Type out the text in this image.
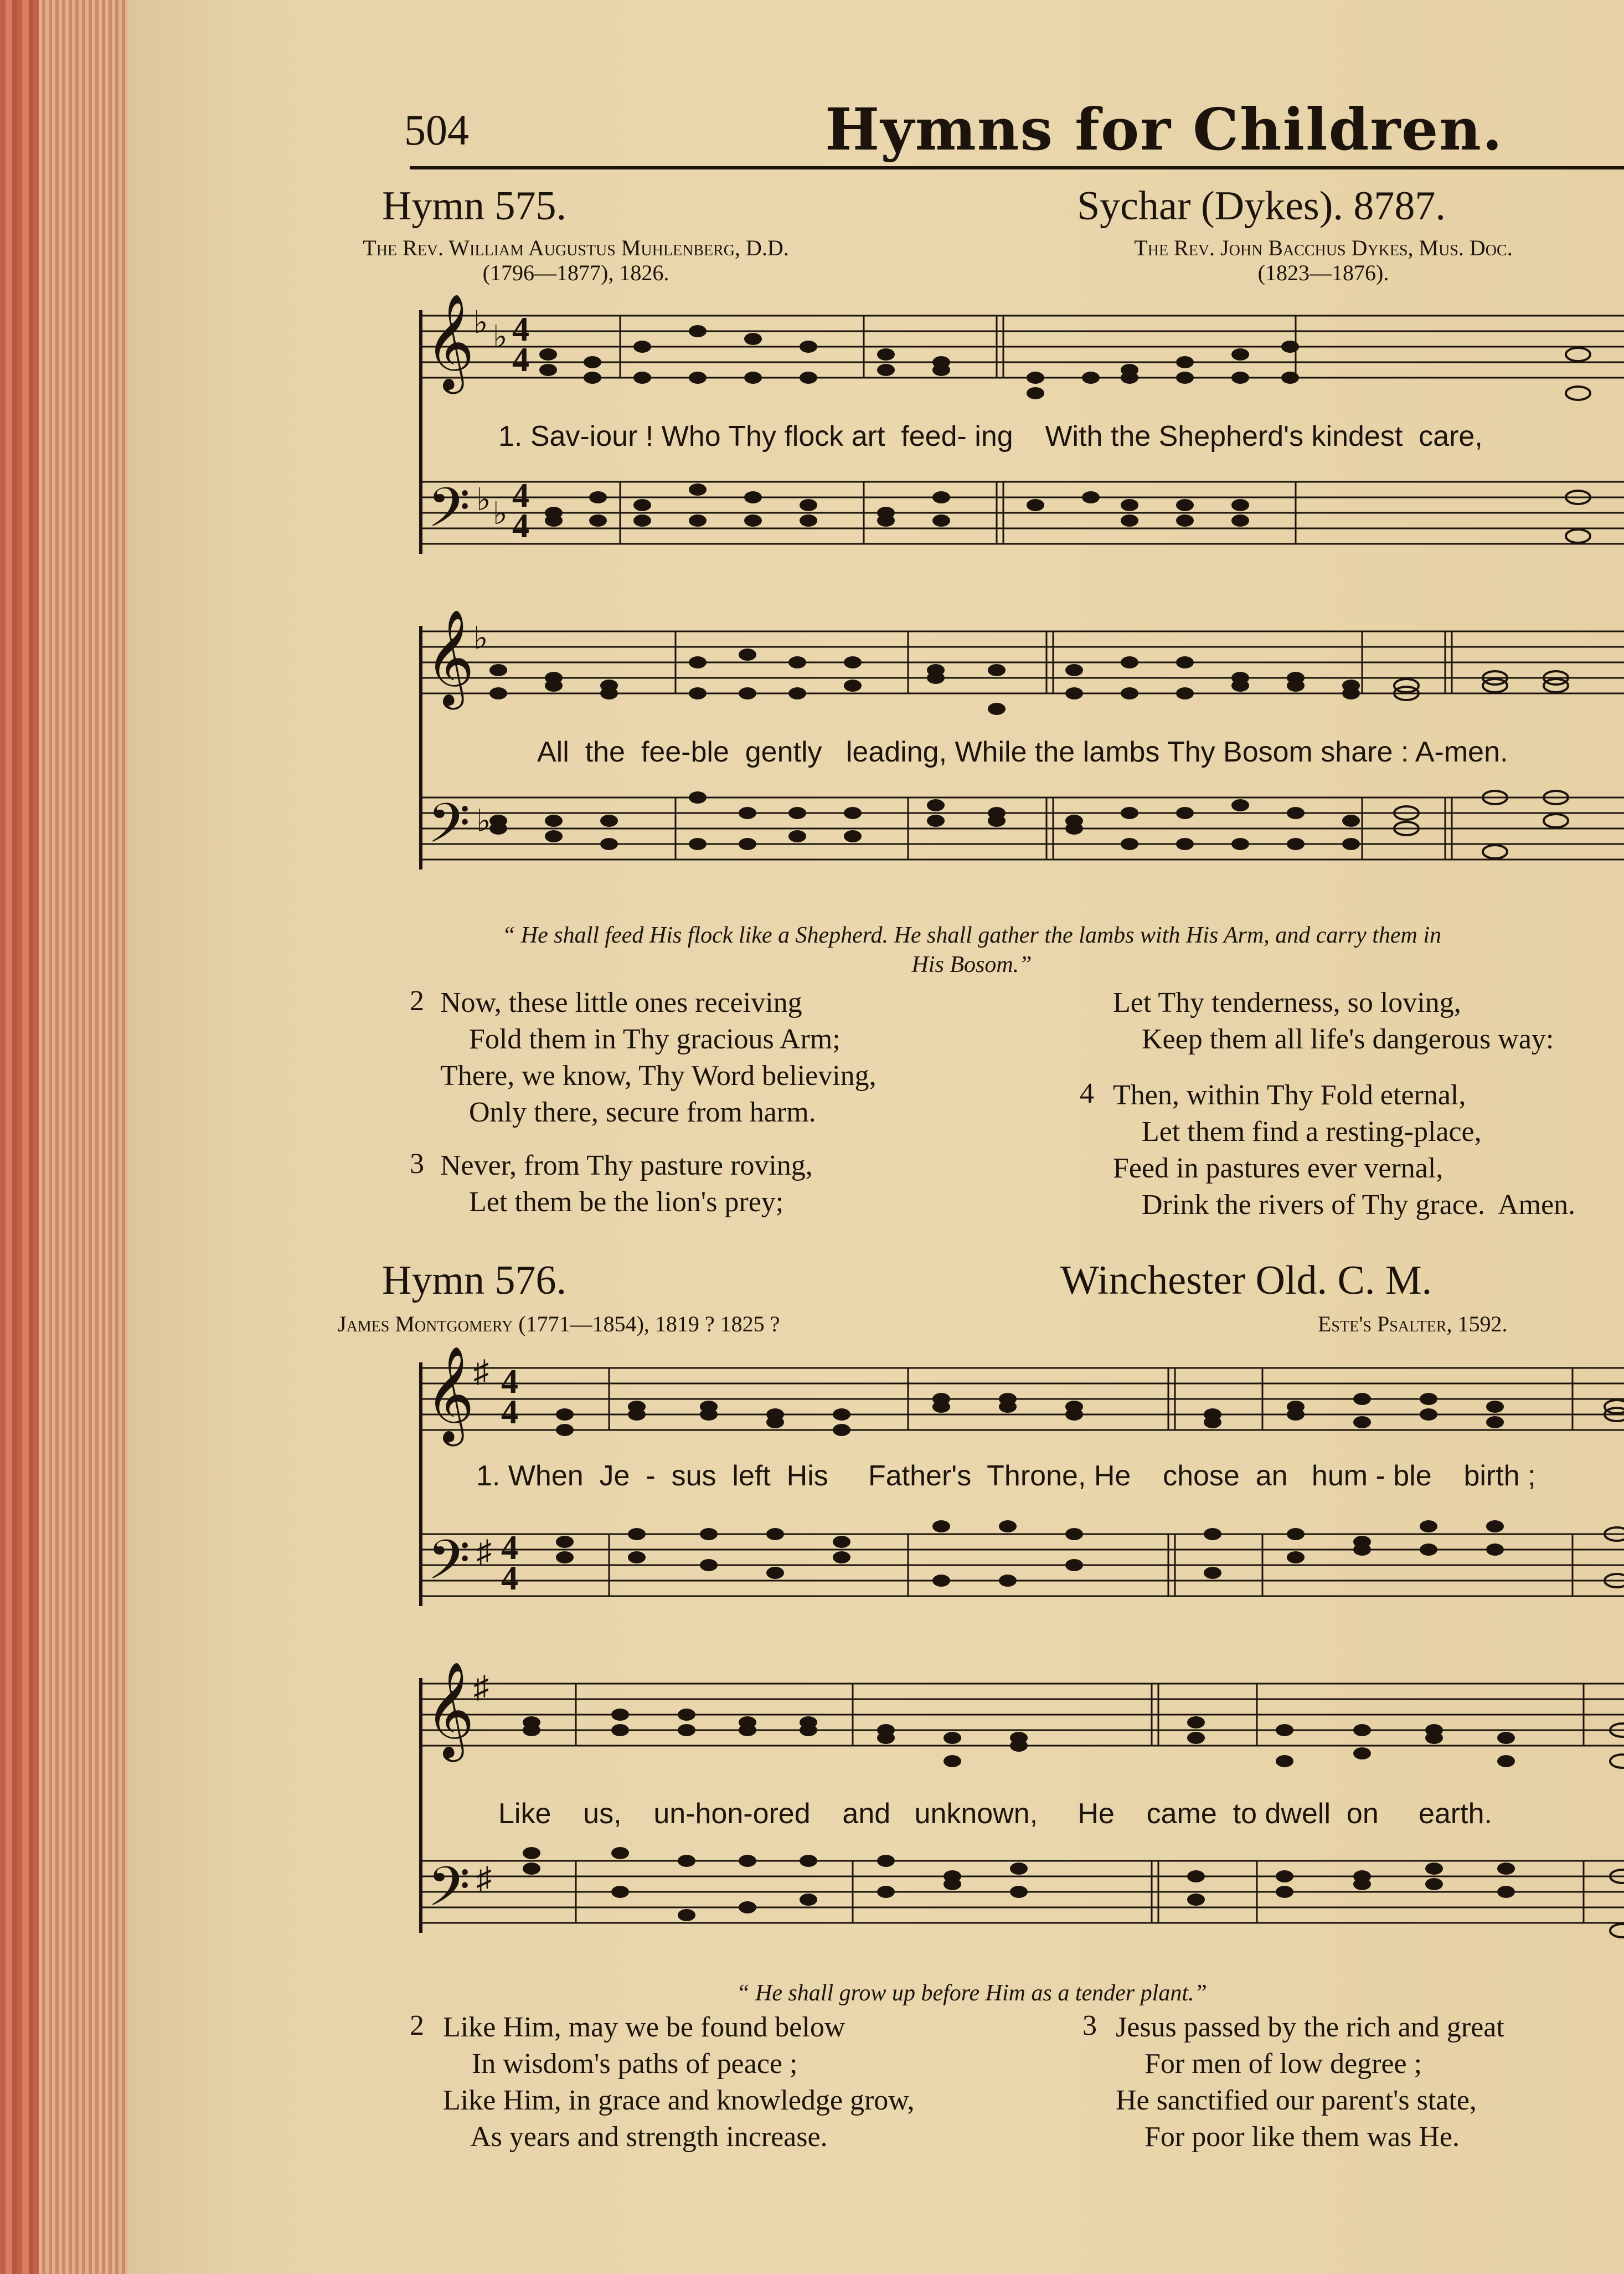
504	Hymns for Children.
Hymn 575.	Sychar (Dykes). 8787.
The Rev. William Augustus Muhlenberg, D.D.
(1796—1877), 1826.
The Rev. John Bacchus Dykes, Mus. Doc.
(1823—1876).
𝄞
♭ ♭ 4
4
𝄢 ♭ ♭ 4
4
1. Sav-iour ! Who Thy flock art  feed- ing    With the Shepherd's kindest  care,
𝄞
♭
𝄢 ♭
All  the  fee-ble  gently   leading, While the lambs Thy Bosom share : A-men.
“ He shall feed His flock like a Shepherd. He shall gather the lambs with His Arm, and carry them in
His Bosom.”
2 Now, these little ones receiving
Fold them in Thy gracious Arm;
There, we know, Thy Word believing,
Only there, secure from harm.
3 Never, from Thy pasture roving,
Let them be the lion's prey;
Let Thy tenderness, so loving,
Keep them all life's dangerous way:
4 Then, within Thy Fold eternal,
Let them find a resting-place,
Feed in pastures ever vernal,
Drink the rivers of Thy grace.  Amen.
Hymn 576.	Winchester Old. C. M.
James Montgomery (1771—1854), 1819 ? 1825 ?	Este's Psalter, 1592.
𝄞
♯ 4
4
𝄢 ♯ 4
4
1. When  Je  -  sus  left  His     Father's  Throne, He    chose  an   hum - ble    birth ;
𝄞
♯
𝄢 ♯
Like    us,    un-hon-ored    and   unknown,     He    came  to dwell  on     earth.
“ He shall grow up before Him as a tender plant.”
2 Like Him, may we be found below
In wisdom's paths of peace ;
Like Him, in grace and knowledge grow,
As years and strength increase.
3 Jesus passed by the rich and great
For men of low degree ;
He sanctified our parent's state,
For poor like them was He.
